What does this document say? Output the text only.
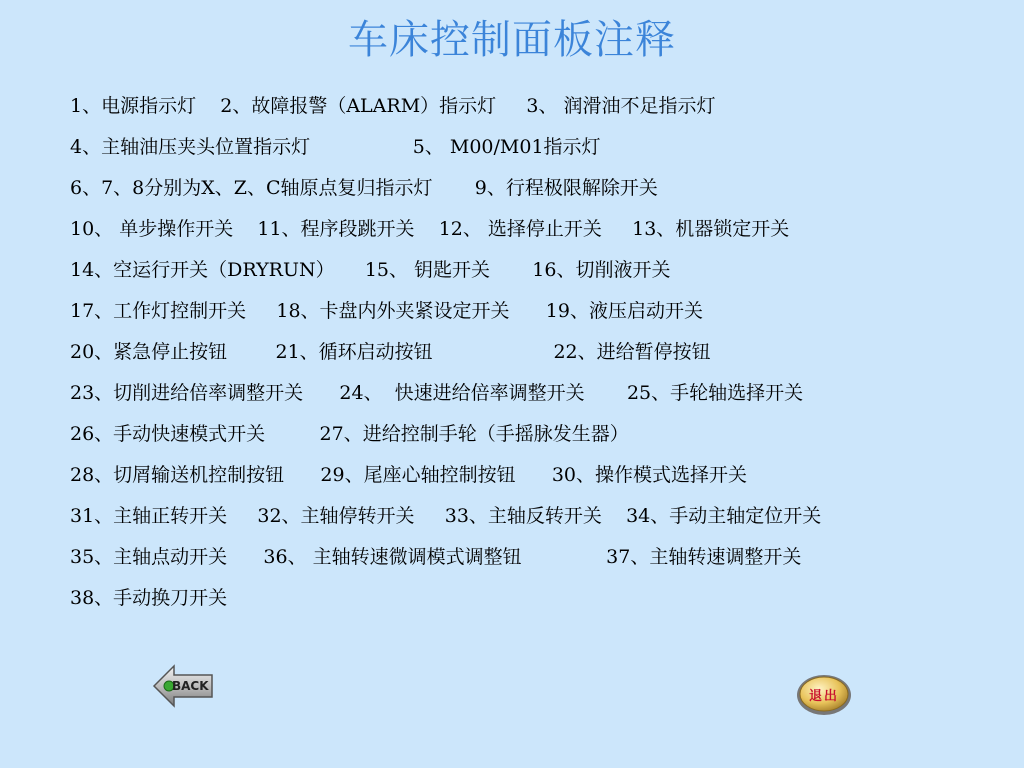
车床控制面板注释
1、电源指示灯    2、故障报警（ALARM）指示灯     3、 润滑油不足指示灯
4、主轴油压夹头位置指示灯                 5、 M00/M01指示灯
6、7、8分别为X、Z、C轴原点复归指示灯       9、行程极限解除开关
10、 单步操作开关    11、程序段跳开关    12、 选择停止开关     13、机器锁定开关
14、空运行开关（DRYRUN）     15、 钥匙开关       16、切削液开关
17、工作灯控制开关     18、卡盘内外夹紧设定开关      19、液压启动开关
20、紧急停止按钮        21、循环启动按钮                    22、进给暂停按钮
23、切削进给倍率调整开关      24、  快速进给倍率调整开关       25、手轮轴选择开关
26、手动快速模式开关         27、进给控制手轮（手摇脉发生器）
28、切屑输送机控制按钮      29、尾座心轴控制按钮      30、操作模式选择开关
31、主轴正转开关     32、主轴停转开关     33、主轴反转开关    34、手动主轴定位开关
35、主轴点动开关      36、 主轴转速微调模式调整钮              37、主轴转速调整开关
38、手动换刀开关
BACK
退出
